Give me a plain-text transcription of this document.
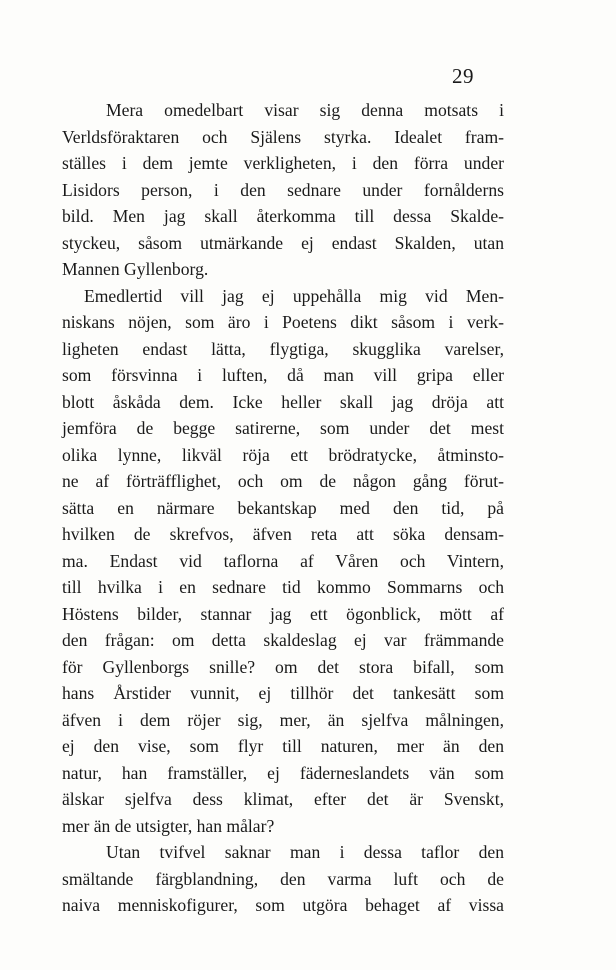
29
Mera omedelbart visar sig denna motsats i
Verldsföraktaren och Själens styrka. Idealet fram-
ställes i dem jemte verkligheten, i den förra under
Lisidors person, i den sednare under fornålderns
bild. Men jag skall återkomma till dessa Skalde-
styckeu, såsom utmärkande ej endast Skalden, utan
Mannen Gyllenborg.
Emedlertid vill jag ej uppehålla mig vid Men-
niskans nöjen, som äro i Poetens dikt såsom i verk-
ligheten endast lätta, flygtiga, skugglika varelser,
som försvinna i luften, då man vill gripa eller
blott åskåda dem. Icke heller skall jag dröja att
jemföra de begge satirerne, som under det mest
olika lynne, likväl röja ett brödratycke, åtminsto-
ne af förträfflighet, och om de någon gång förut-
sätta en närmare bekantskap med den tid, på
hvilken de skrefvos, äfven reta att söka densam-
ma. Endast vid taflorna af Våren och Vintern,
till hvilka i en sednare tid kommo Sommarns och
Höstens bilder, stannar jag ett ögonblick, mött af
den frågan: om detta skaldeslag ej var främmande
för Gyllenborgs snille? om det stora bifall, som
hans Årstider vunnit, ej tillhör det tankesätt som
äfven i dem röjer sig, mer, än sjelfva målningen,
ej den vise, som flyr till naturen, mer än den
natur, han framställer, ej fäderneslandets vän som
älskar sjelfva dess klimat, efter det är Svenskt,
mer än de utsigter, han målar?
Utan tvifvel saknar man i dessa taflor den
smältande färgblandning, den varma luft och de
naiva menniskofigurer, som utgöra behaget af vissa
